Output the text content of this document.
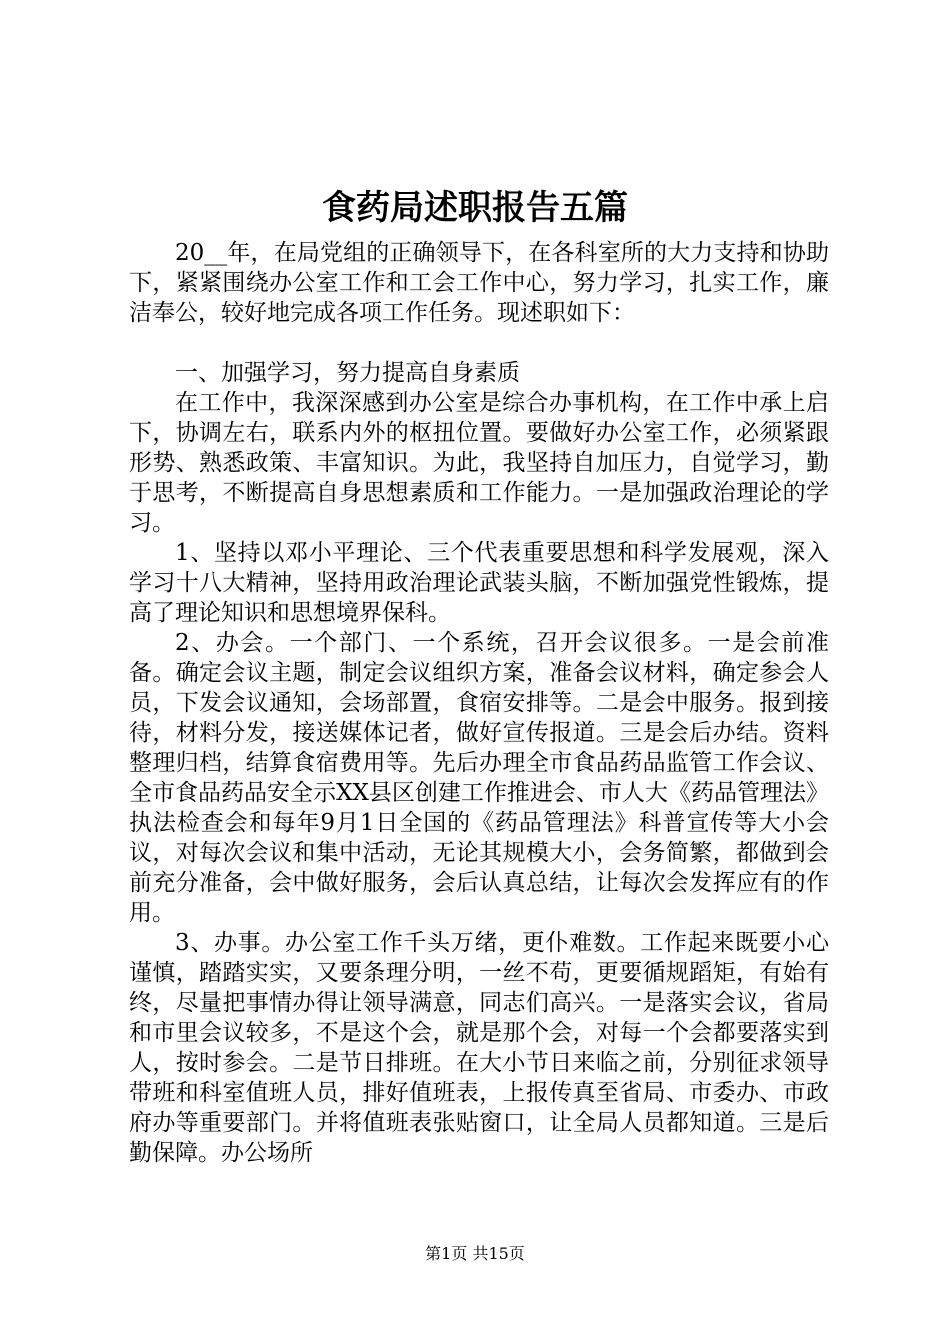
食药局述职报告五篇

20__年，在局党组的正确领导下，在各科室所的大力支持和协助下，紧紧围绕办公室工作和工会工作中心，努力学习，扎实工作，廉洁奉公，较好地完成各项工作任务。现述职如下：

一、加强学习，努力提高自身素质

在工作中，我深深感到办公室是综合办事机构，在工作中承上启下，协调左右，联系内外的枢扭位置。要做好办公室工作，必须紧跟形势、熟悉政策、丰富知识。为此，我坚持自加压力，自觉学习，勤于思考，不断提高自身思想素质和工作能力。一是加强政治理论的学习。

1、坚持以邓小平理论、三个代表重要思想和科学发展观，深入学习十八大精神，坚持用政治理论武装头脑，不断加强党性锻炼，提高了理论知识和思想境界保科。

2、办会。一个部门、一个系统，召开会议很多。一是会前准备。确定会议主题，制定会议组织方案，准备会议材料，确定参会人员，下发会议通知，会场部置，食宿安排等。二是会中服务。报到接待，材料分发，接送媒体记者，做好宣传报道。三是会后办结。资料整理归档，结算食宿费用等。先后办理全市食品药品监管工作会议、全市食品药品安全示XX县区创建工作推进会、市人大《药品管理法》执法检查会和每年9月1日全国的《药品管理法》科普宣传等大小会议，对每次会议和集中活动，无论其规模大小，会务简繁，都做到会前充分准备，会中做好服务，会后认真总结，让每次会发挥应有的作用。

3、办事。办公室工作千头万绪，更仆难数。工作起来既要小心谨慎，踏踏实实，又要条理分明，一丝不苟，更要循规蹈矩，有始有终，尽量把事情办得让领导满意，同志们高兴。一是落实会议，省局和市里会议较多，不是这个会，就是那个会，对每一个会都要落实到人，按时参会。二是节日排班。在大小节日来临之前，分别征求领导带班和科室值班人员，排好值班表，上报传真至省局、市委办、市政府办等重要部门。并将值班表张贴窗口，让全局人员都知道。三是后勤保障。办公场所

第1页 共15页
